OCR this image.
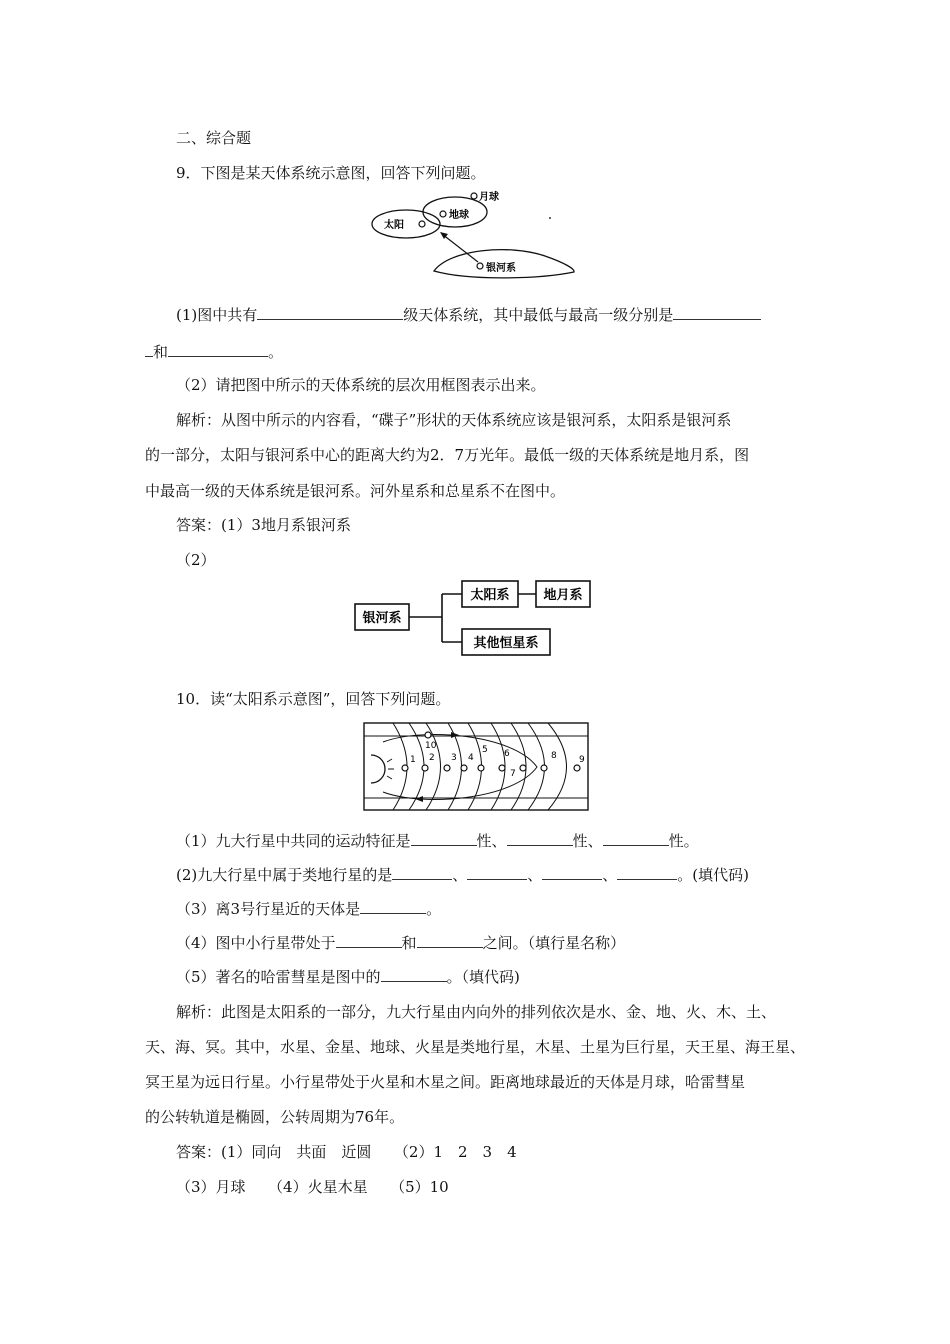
二、综合题
9．下图是某天体系统示意图，回答下列问题。
太阳
地球
月球
银河系
(1)图中共有	级天体系统，其中最低与最高一级分别是
和	。
（2）请把图中所示的天体系统的层次用框图表示出来。
解析：从图中所示的内容看，“碟子”形状的天体系统应该是银河系，太阳系是银河系
的一部分，太阳与银河系中心的距离大约为2．7万光年。最低一级的天体系统是地月系，图
中最高一级的天体系统是银河系。河外星系和总星系不在图中。
答案：(1）3地月系银河系
（2）
银河系
太阳系	地月系
其他恒星系
10．读“太阳系示意图”，回答下列问题。
1 2 3 4
5 6
7
8 9
10
（1）九大行星中共同的运动特征是	性、	性、	性。
(2)九大行星中属于类地行星的是	、	、	、	。(填代码)
（3）离3号行星近的天体是	。
（4）图中小行星带处于	和	之间。（填行星名称）
（5）著名的哈雷彗星是图中的	。（填代码)
解析：此图是太阳系的一部分，九大行星由内向外的排列依次是水、金、地、火、木、土、
天、海、冥。其中，水星、金星、地球、火星是类地行星，木星、土星为巨行星，天王星、海王星、
冥王星为远日行星。小行星带处于火星和木星之间。距离地球最近的天体是月球，哈雷彗星
的公转轨道是椭圆，公转周期为76年。
答案：(1）同向　共面　近圆　　（2）1　2　3　4
（3）月球　　（4）火星木星　　（5）10
